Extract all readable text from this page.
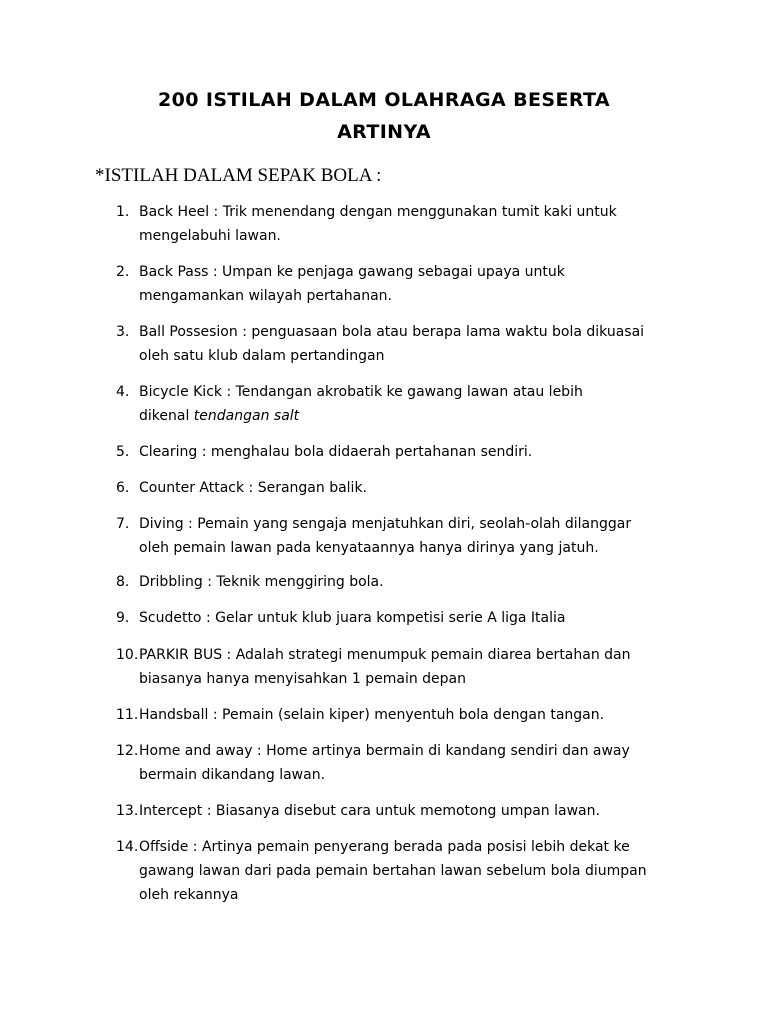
200 ISTILAH DALAM OLAHRAGA BESERTA
ARTINYA

*ISTILAH DALAM SEPAK BOLA :

1. Back Heel : Trik menendang dengan menggunakan tumit kaki untuk
mengelabuhi lawan.
2. Back Pass : Umpan ke penjaga gawang sebagai upaya untuk
mengamankan wilayah pertahanan.
3. Ball Possesion : penguasaan bola atau berapa lama waktu bola dikuasai
oleh satu klub dalam pertandingan
4. Bicycle Kick : Tendangan akrobatik ke gawang lawan atau lebih
dikenal tendangan salt
5. Clearing : menghalau bola didaerah pertahanan sendiri.
6. Counter Attack : Serangan balik.
7. Diving : Pemain yang sengaja menjatuhkan diri, seolah-olah dilanggar
oleh pemain lawan pada kenyataannya hanya dirinya yang jatuh.
8. Dribbling : Teknik menggiring bola.
9. Scudetto : Gelar untuk klub juara kompetisi serie A liga Italia
10. PARKIR BUS : Adalah strategi menumpuk pemain diarea bertahan dan
biasanya hanya menyisahkan 1 pemain depan
11. Handsball : Pemain (selain kiper) menyentuh bola dengan tangan.
12. Home and away : Home artinya bermain di kandang sendiri dan away
bermain dikandang lawan.
13. Intercept : Biasanya disebut cara untuk memotong umpan lawan.
14. Offside : Artinya pemain penyerang berada pada posisi lebih dekat ke
gawang lawan dari pada pemain bertahan lawan sebelum bola diumpan
oleh rekannya
